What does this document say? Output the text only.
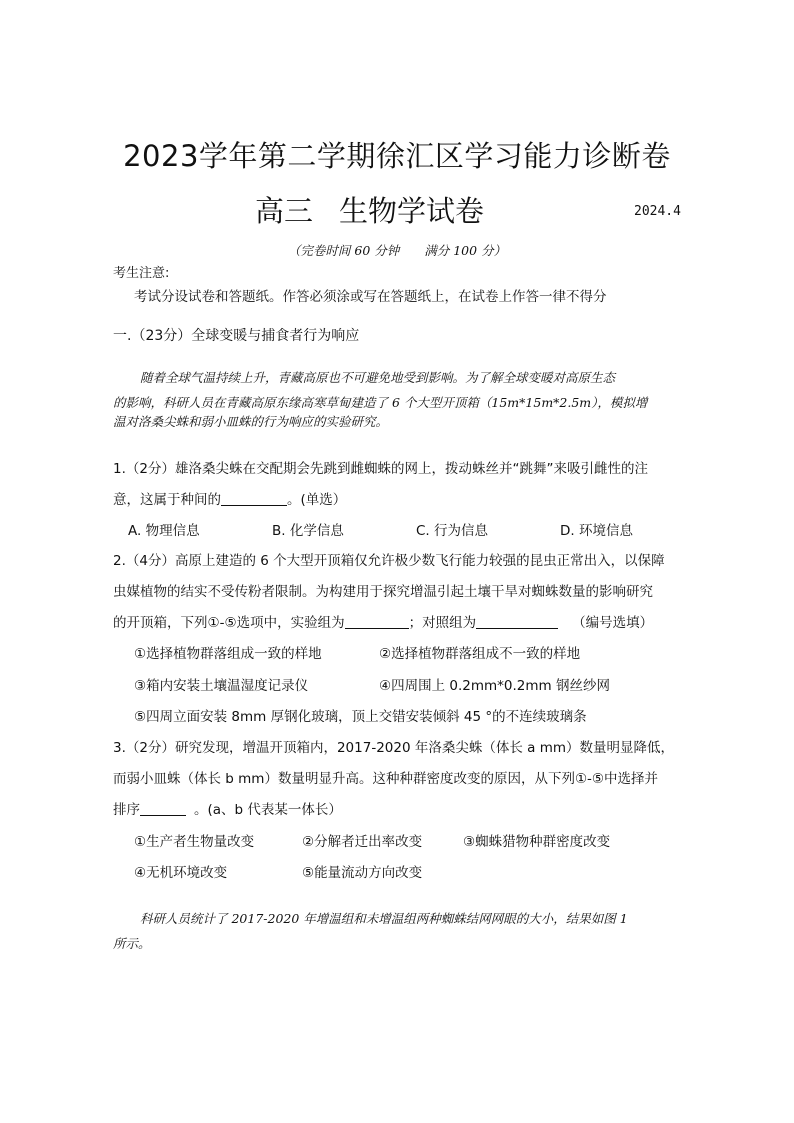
2023学年第二学期徐汇区学习能力诊断卷
高三 生物学试卷	2024.4
（完卷时间 60 分钟　　满分 100 分）
考生注意:
考试分设试卷和答题纸。作答必须涂或写在答题纸上，在试卷上作答一律不得分
一.（23分）全球变暖与捕食者行为响应
随着全球气温持续上升，青藏高原也不可避免地受到影响。为了解全球变暖对高原生态
的影响，科研人员在青藏高原东缘高寒草甸建造了 6 个大型开顶箱（15m*15m*2.5m），模拟增
温对洛桑尖蛛和弱小皿蛛的行为响应的实验研究。
1.（2分）雄洛桑尖蛛在交配期会先跳到雌蜘蛛的网上，拨动蛛丝并“跳舞”来吸引雌性的注
意，这属于种间的	。(单选）
A. 物理信息	B. 化学信息	C. 行为信息	D. 环境信息
2.（4分）高原上建造的 6 个大型开顶箱仅允许极少数飞行能力较强的昆虫正常出入，以保障
虫媒植物的结实不受传粉者限制。为构建用于探究增温引起土壤干旱对蜘蛛数量的影响研究
的开顶箱，下列①-⑤选项中，实验组为	；对照组为	（编号选填）
①选择植物群落组成一致的样地	②选择植物群落组成不一致的样地
③箱内安装土壤温湿度记录仪	④四周围上 0.2mm*0.2mm 钢丝纱网
⑤四周立面安装 8mm 厚钢化玻璃，顶上交错安装倾斜 45 °的不连续玻璃条
3.（2分）研究发现，增温开顶箱内，2017-2020 年洛桑尖蛛（体长 a mm）数量明显降低，
而弱小皿蛛（体长 b mm）数量明显升高。这种种群密度改变的原因，从下列①-⑤中选择并
排序	。(a、b 代表某一体长）
①生产者生物量改变	②分解者迁出率改变	③蜘蛛猎物种群密度改变
④无机环境改变	⑤能量流动方向改变
科研人员统计了 2017-2020 年增温组和未增温组两种蜘蛛结网网眼的大小，结果如图 1
所示。
